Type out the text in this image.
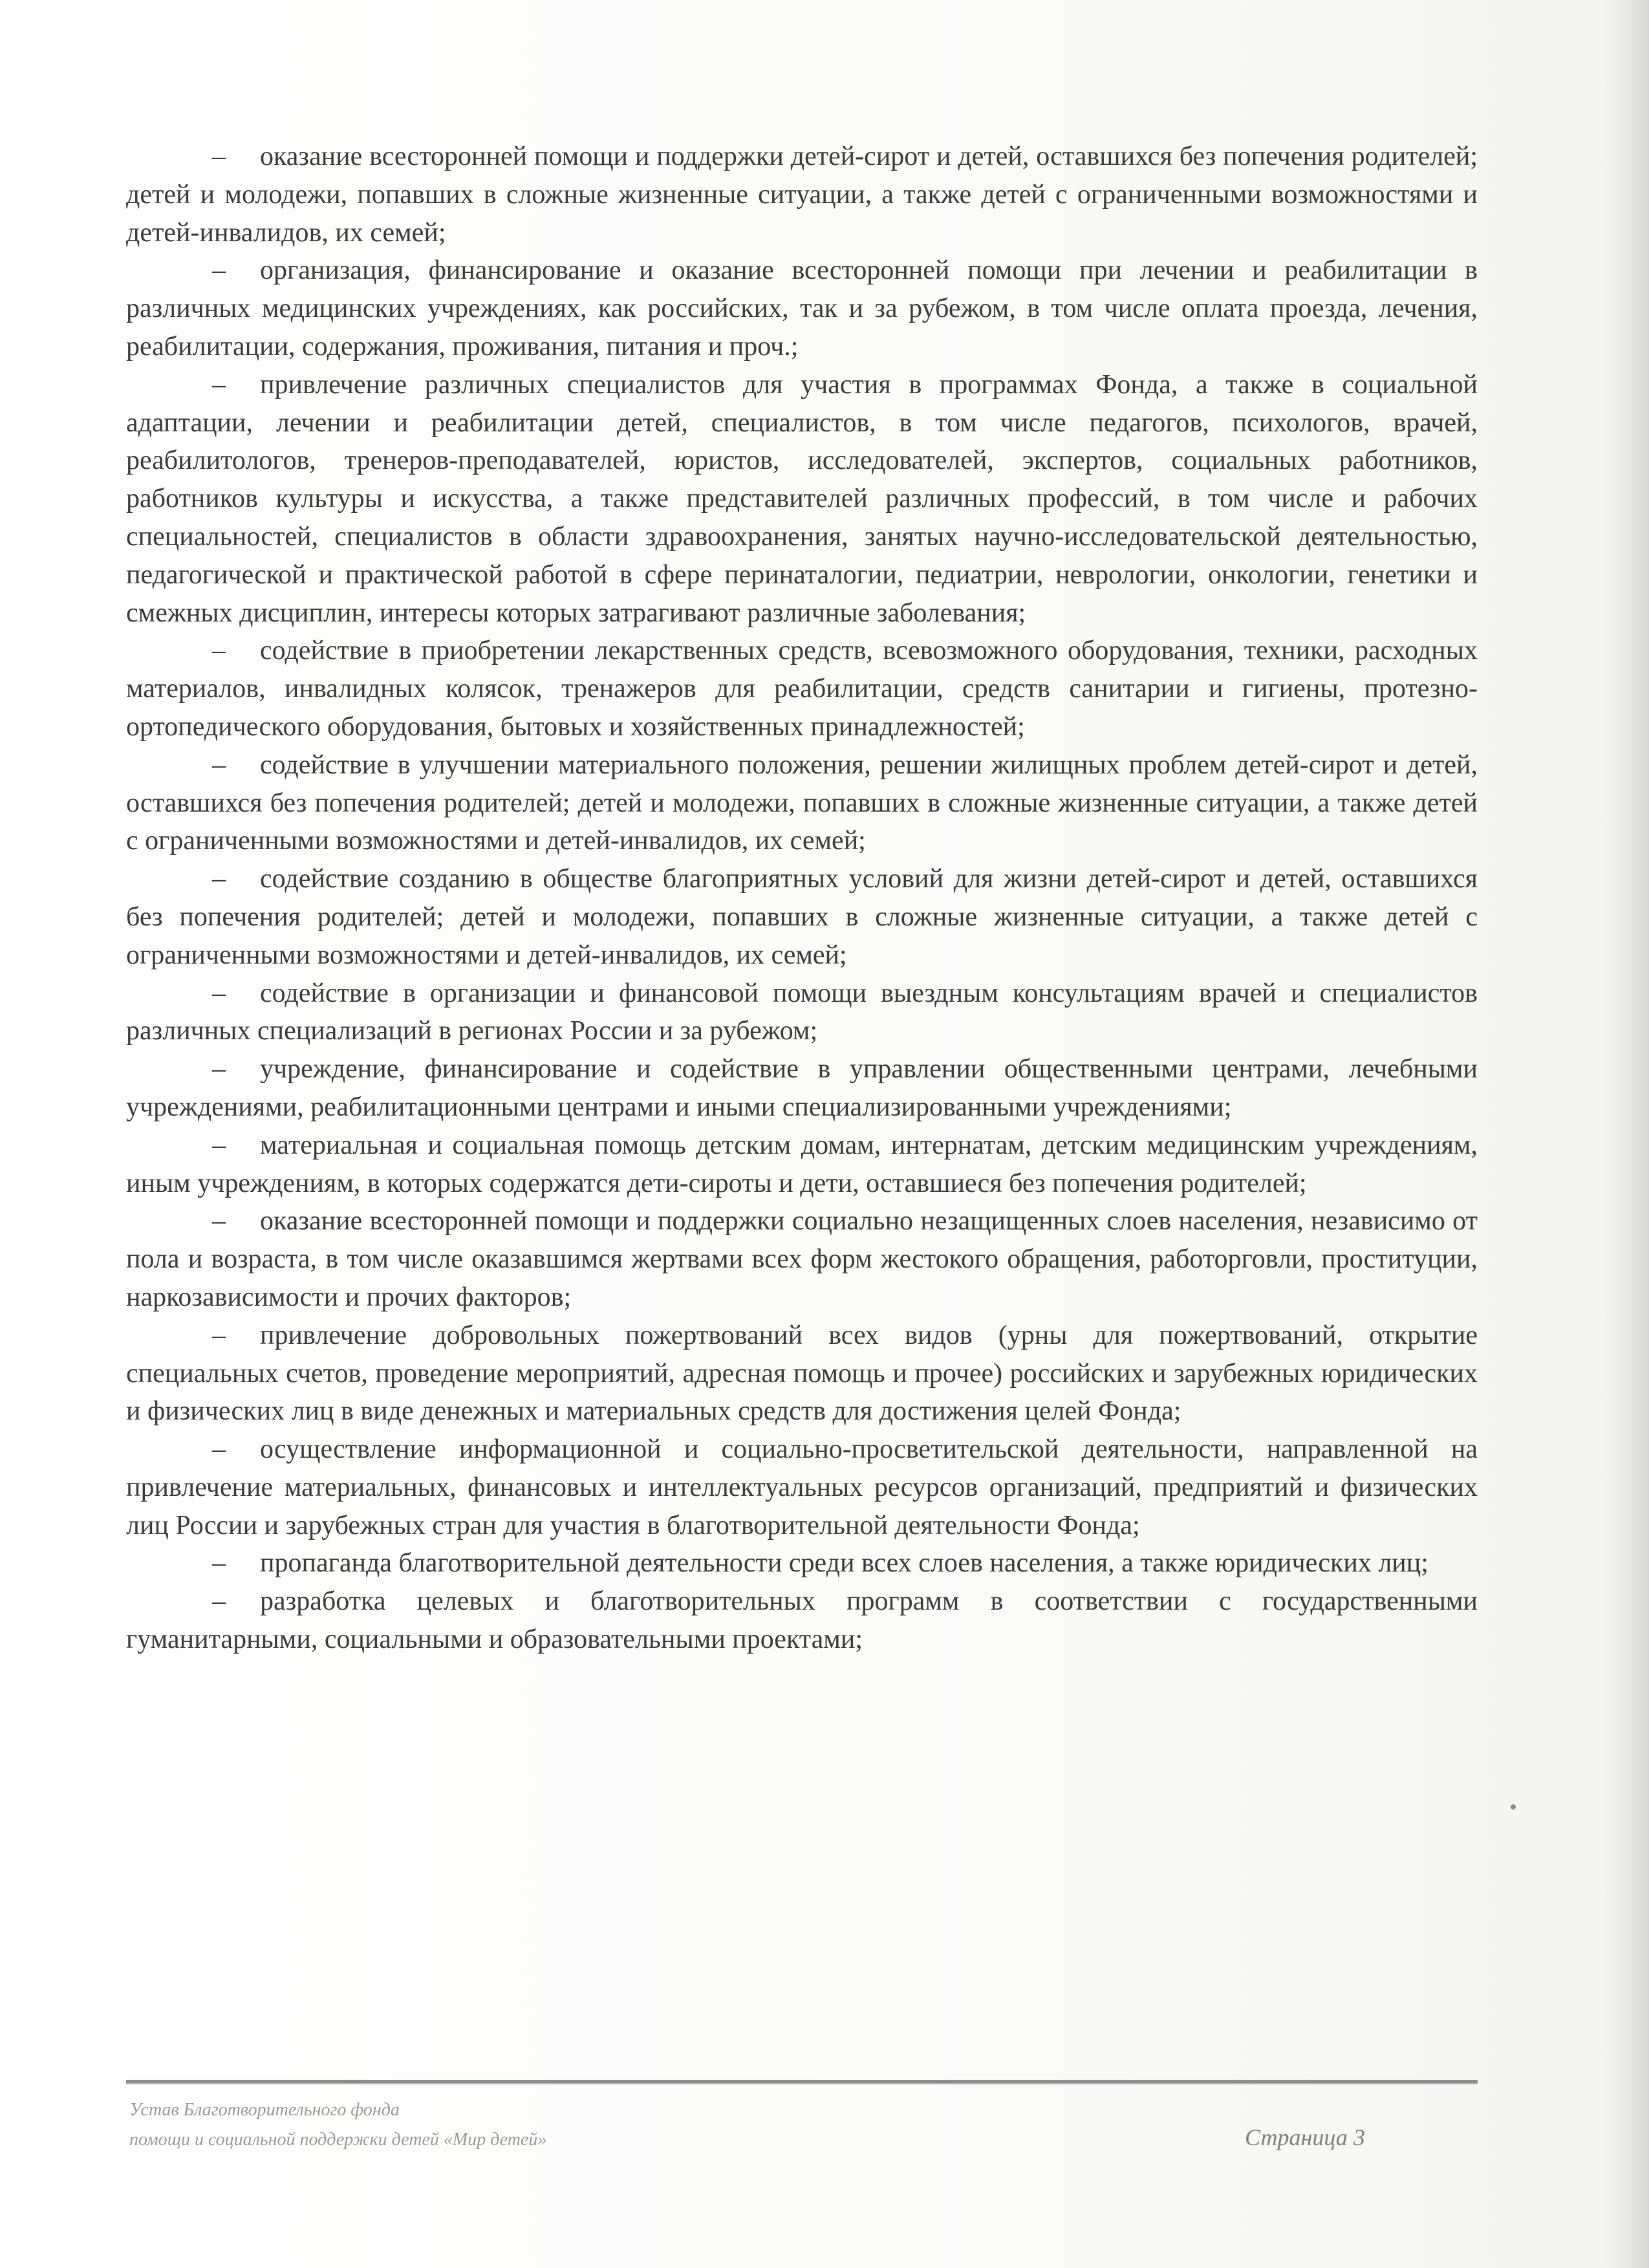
– оказание всесторонней помощи и поддержки детей-сирот и детей, оставшихся без попечения родителей; детей и молодежи, попавших в сложные жизненные ситуации, а также детей с ограниченными возможностями и детей-инвалидов, их семей;

– организация, финансирование и оказание всесторонней помощи при лечении и реабилитации в различных медицинских учреждениях, как российских, так и за рубежом, в том числе оплата проезда, лечения, реабилитации, содержания, проживания, питания и проч.;

– привлечение различных специалистов для участия в программах Фонда, а также в социальной адаптации, лечении и реабилитации детей, специалистов, в том числе педагогов, психологов, врачей, реабилитологов, тренеров-преподавателей, юристов, исследователей, экспертов, социальных работников, работников культуры и искусства, а также представителей различных профессий, в том числе и рабочих специальностей, специалистов в области здравоохранения, занятых научно-исследовательской деятельностью, педагогической и практической работой в сфере перинаталогии, педиатрии, неврологии, онкологии, генетики и смежных дисциплин, интересы которых затрагивают различные заболевания;

– содействие в приобретении лекарственных средств, всевозможного оборудования, техники, расходных материалов, инвалидных колясок, тренажеров для реабилитации, средств санитарии и гигиены, протезно-ортопедического оборудования, бытовых и хозяйственных принадлежностей;

– содействие в улучшении материального положения, решении жилищных проблем детей-сирот и детей, оставшихся без попечения родителей; детей и молодежи, попавших в сложные жизненные ситуации, а также детей с ограниченными возможностями и детей-инвалидов, их семей;

– содействие созданию в обществе благоприятных условий для жизни детей-сирот и детей, оставшихся без попечения родителей; детей и молодежи, попавших в сложные жизненные ситуации, а также детей с ограниченными возможностями и детей-инвалидов, их семей;

– содействие в организации и финансовой помощи выездным консультациям врачей и специалистов различных специализаций в регионах России и за рубежом;

– учреждение, финансирование и содействие в управлении общественными центрами, лечебными учреждениями, реабилитационными центрами и иными специализированными учреждениями;

– материальная и социальная помощь детским домам, интернатам, детским медицинским учреждениям, иным учреждениям, в которых содержатся дети-сироты и дети, оставшиеся без попечения родителей;

– оказание всесторонней помощи и поддержки социально незащищенных слоев населения, независимо от пола и возраста, в том числе оказавшимся жертвами всех форм жестокого обращения, работорговли, проституции, наркозависимости и прочих факторов;

– привлечение добровольных пожертвований всех видов (урны для пожертвований, открытие специальных счетов, проведение мероприятий, адресная помощь и прочее) российских и зарубежных юридических и физических лиц в виде денежных и материальных средств для достижения целей Фонда;

– осуществление информационной и социально-просветительской деятельности, направленной на привлечение материальных, финансовых и интеллектуальных ресурсов организаций, предприятий и физических лиц России и зарубежных стран для участия в благотворительной деятельности Фонда;

– пропаганда благотворительной деятельности среди всех слоев населения, а также юридических лиц;

– разработка целевых и благотворительных программ в соответствии с государственными гуманитарными, социальными и образовательными проектами;

Устав Благотворительного фонда
помощи и социальной поддержки детей «Мир детей»	Страница 3
